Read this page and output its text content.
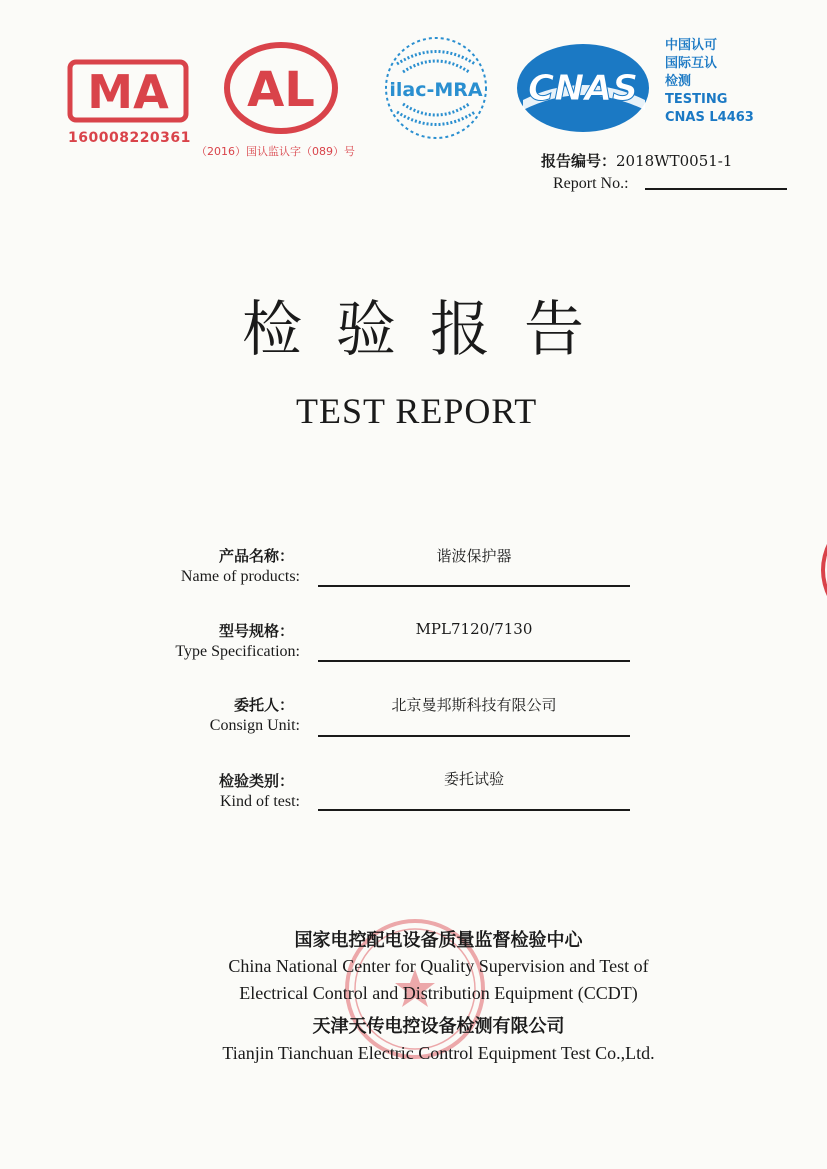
MA
160008220361
AL
（2016）国认监认字（089）号
ilac-MRA CNAS
中国认可
国际互认
检测
TESTING
CNAS L4463
报告编号：2018WT0051-1
Report No.:
检验报告
TEST REPORT
产品名称：
Name of products:
谐波保护器
型号规格：
Type Specification:
MPL7120/7130
委托人：
Consign Unit:
北京曼邦斯科技有限公司
检验类别：
Kind of test:
委托试验
国家电控配电设备质量监督检验中心
China National Center for Quality Supervision and Test of
Electrical Control and Distribution Equipment (CCDT)
天津天传电控设备检测有限公司
Tianjin Tianchuan Electric Control Equipment Test Co.,Ltd.
